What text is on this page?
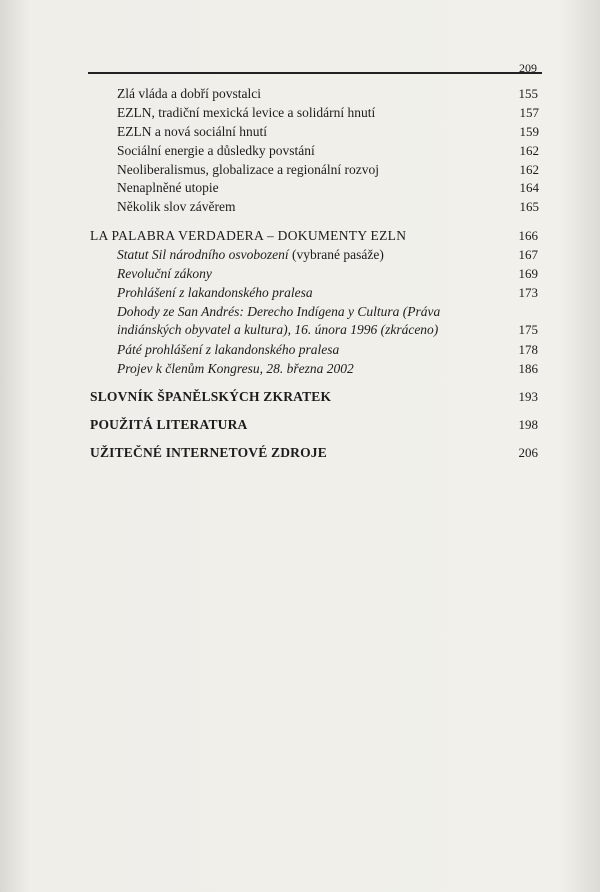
209
Zlá vláda a dobří povstalci	155
EZLN, tradiční mexická levice a solidární hnutí	157
EZLN a nová sociální hnutí	159
Sociální energie a důsledky povstání	162
Neoliberalismus, globalizace a regionální rozvoj	162
Nenaplněné utopie	164
Několik slov závěrem	165
LA PALABRA VERDADERA – DOKUMENTY EZLN	166
Statut Sil národního osvobození (vybrané pasáže)	167
Revoluční zákony	169
Prohlášení z lakandonského pralesa	173
Dohody ze San Andrés: Derecho Indígena y Cultura (Práva
indiánských obyvatel a kultura), 16. února 1996 (zkráceno)	175
Páté prohlášení z lakandonského pralesa	178
Projev k členům Kongresu, 28. března 2002	186
SLOVNÍK ŠPANĚLSKÝCH ZKRATEK	193
POUŽITÁ LITERATURA	198
UŽITEČNÉ INTERNETOVÉ ZDROJE	206
